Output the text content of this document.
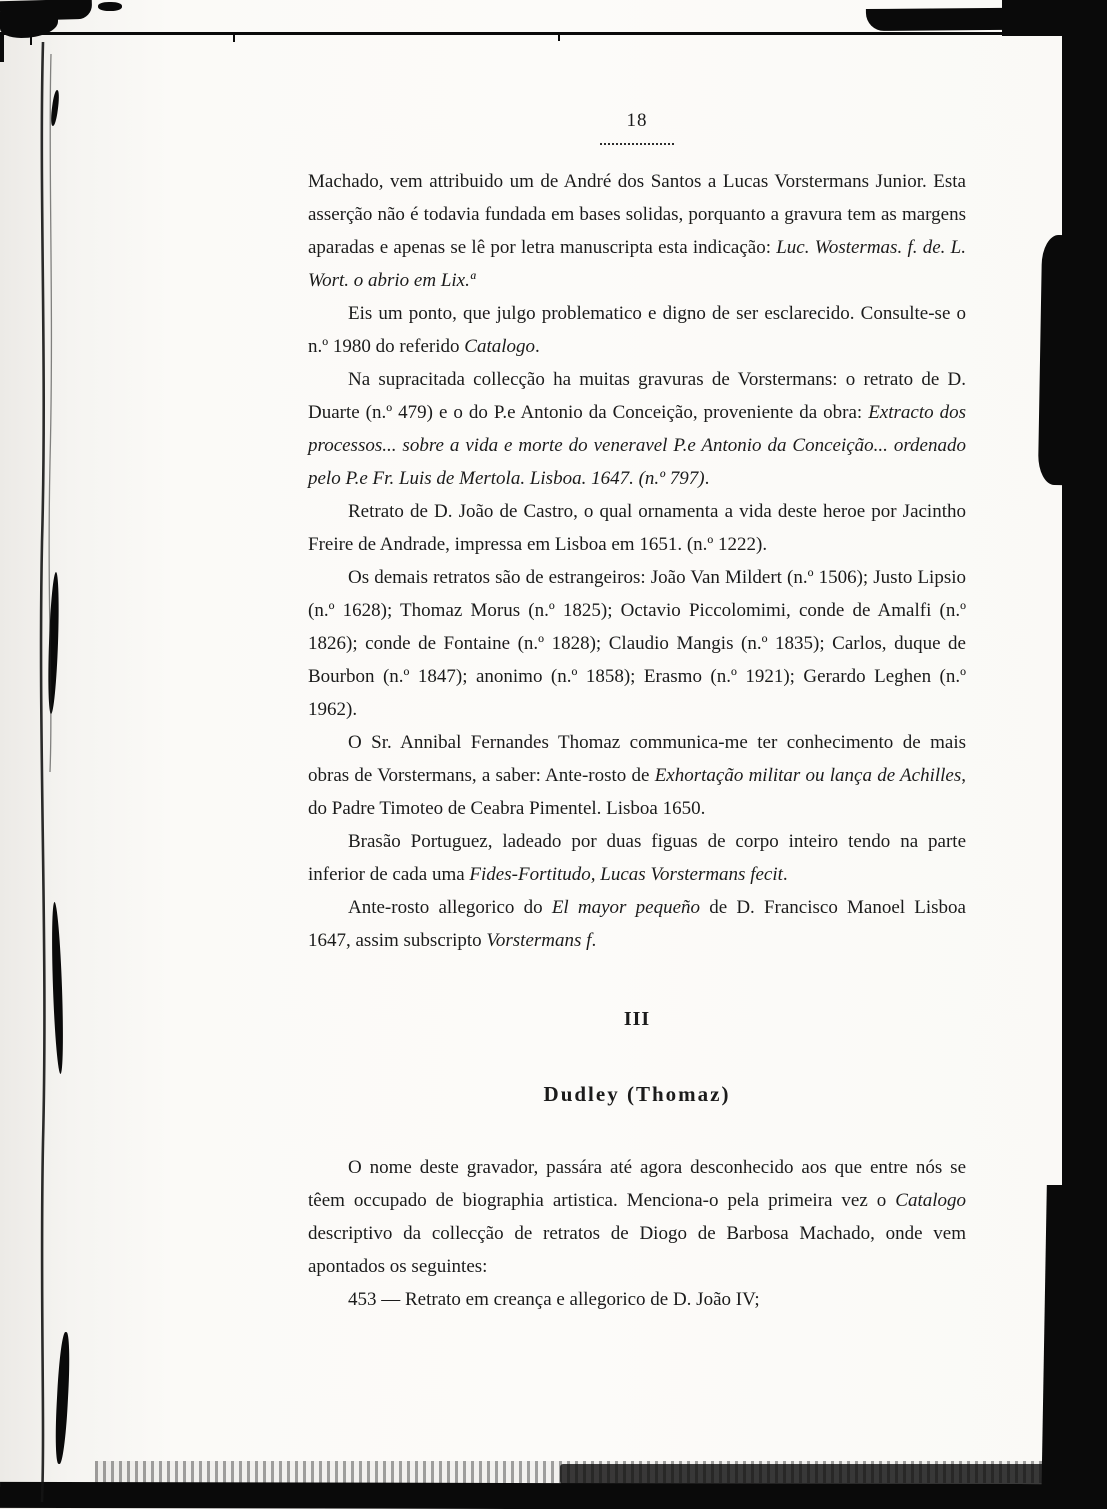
18

Machado, vem attribuido um de André dos Santos a Lucas Vorstermans Junior. Esta asserção não é todavia fundada em bases solidas, porquanto a gravura tem as margens aparadas e apenas se lê por letra manuscripta esta indicação: Luc. Wostermas. f. de. L. Wort. o abrio em Lix.ª

Eis um ponto, que julgo problematico e digno de ser esclarecido. Consulte-se o n.º 1980 do referido Catalogo.

Na supracitada collecção ha muitas gravuras de Vorstermans: o retrato de D. Duarte (n.º 479) e o do P.e Antonio da Conceição, proveniente da obra: Extracto dos processos... sobre a vida e morte do veneravel P.e Antonio da Conceição... ordenado pelo P.e Fr. Luis de Mertola. Lisboa. 1647. (n.º 797).

Retrato de D. João de Castro, o qual ornamenta a vida deste heroe por Jacintho Freire de Andrade, impressa em Lisboa em 1651. (n.º 1222).

Os demais retratos são de estrangeiros: João Van Mildert (n.º 1506); Justo Lipsio (n.º 1628); Thomaz Morus (n.º 1825); Octavio Piccolomimi, conde de Amalfi (n.º 1826); conde de Fontaine (n.º 1828); Claudio Mangis (n.º 1835); Carlos, duque de Bourbon (n.º 1847); anonimo (n.º 1858); Erasmo (n.º 1921); Gerardo Leghen (n.º 1962).

O Sr. Annibal Fernandes Thomaz communica-me ter conhecimento de mais obras de Vorstermans, a saber: Ante-rosto de Exhortação militar ou lança de Achilles, do Padre Timoteo de Ceabra Pimentel. Lisboa 1650.

Brasão Portuguez, ladeado por duas figuas de corpo inteiro tendo na parte inferior de cada uma Fides-Fortitudo, Lucas Vorstermans fecit.

Ante-rosto allegorico do El mayor pequeño de D. Francisco Manoel Lisboa 1647, assim subscripto Vorstermans f.

III
Dudley (Thomaz)

O nome deste gravador, passára até agora desconhecido aos que entre nós se têem occupado de biographia artistica. Menciona-o pela primeira vez o Catalogo descriptivo da collecção de retratos de Diogo de Barbosa Machado, onde vem apontados os seguintes:

453 — Retrato em creança e allegorico de D. João IV;
